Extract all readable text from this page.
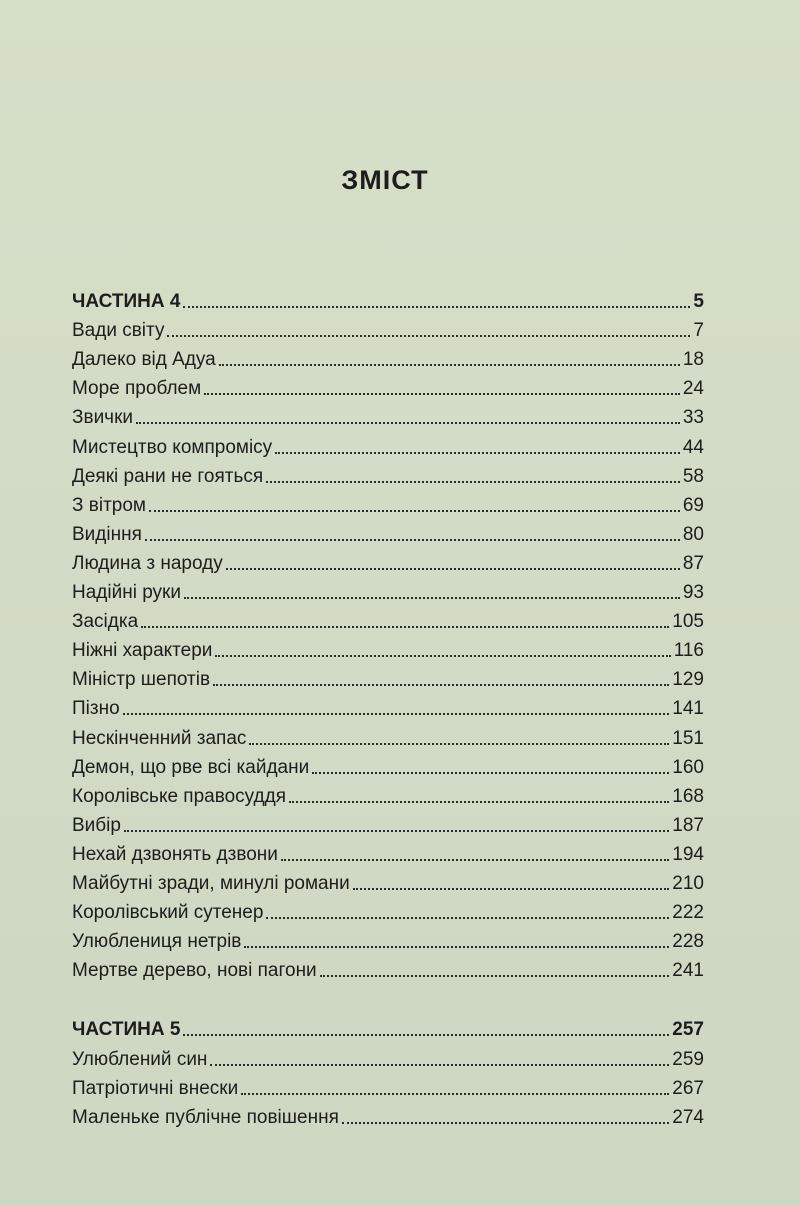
ЗМІСТ
ЧАСТИНА 4	5
Вади світу	7
Далеко від Адуа	18
Море проблем	24
Звички	33
Мистецтво компромісу	44
Деякі рани не гояться	58
З вітром	69
Видіння	80
Людина з народу	87
Надійні руки	93
Засідка	105
Ніжні характери	116
Міністр шепотів	129
Пізно	141
Нескінченний запас	151
Демон, що рве всі кайдани	160
Королівське правосуддя	168
Вибір	187
Нехай дзвонять дзвони	194
Майбутні зради, минулі романи	210
Королівський сутенер	222
Улюблениця нетрів	228
Мертве дерево, нові пагони	241
ЧАСТИНА 5	257
Улюблений син	259
Патріотичні внески	267
Маленьке публічне повішення	274
